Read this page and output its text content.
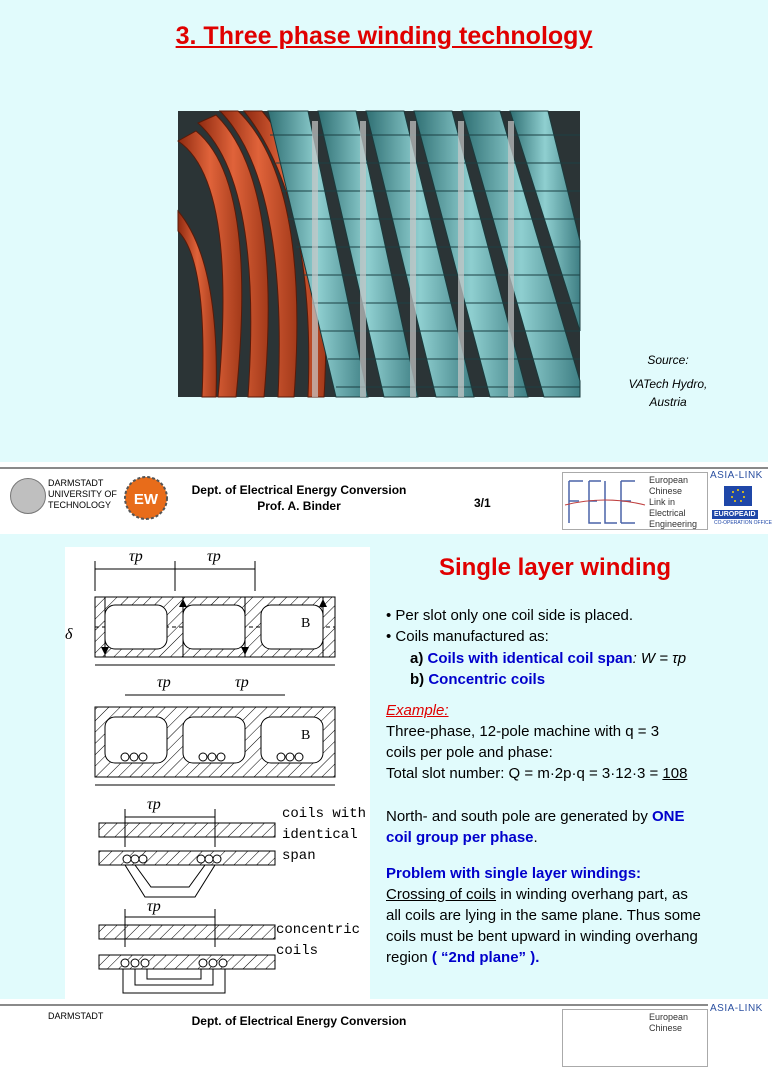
3. Three phase winding technology
Source:
VATech Hydro,
Austria
DARMSTADT
UNIVERSITY OF
TECHNOLOGY	EW
Dept. of Electrical Energy Conversion
Prof. A. Binder	3/1
European
Chinese
Link in
Electrical
Engineering
ASIA-LINK
EUROPEAID
CO-OPERATION OFFICE
τp	τp
δ
B
τp	τp
B
τp
τp
coils with
identical
span
concentric
coils
Single layer winding
• Per slot only one coil side is placed.
• Coils manufactured as:
a) Coils with identical coil span: W = τp
b) Concentric coils
Example:
Three-phase, 12-pole machine with q = 3
coils per pole and phase:
Total slot number: Q = m·2p·q = 3·12·3 = 108
North- and south pole are generated by ONE
coil group per phase.
Problem with single layer windings:
Crossing of coils in winding overhang part, as
all coils are lying in the same plane. Thus some
coils must be bent upward in winding overhang
region ( “2nd plane” ).
DARMSTADT	Dept. of Electrical Energy Conversion	European
Chinese
ASIA-LINK
